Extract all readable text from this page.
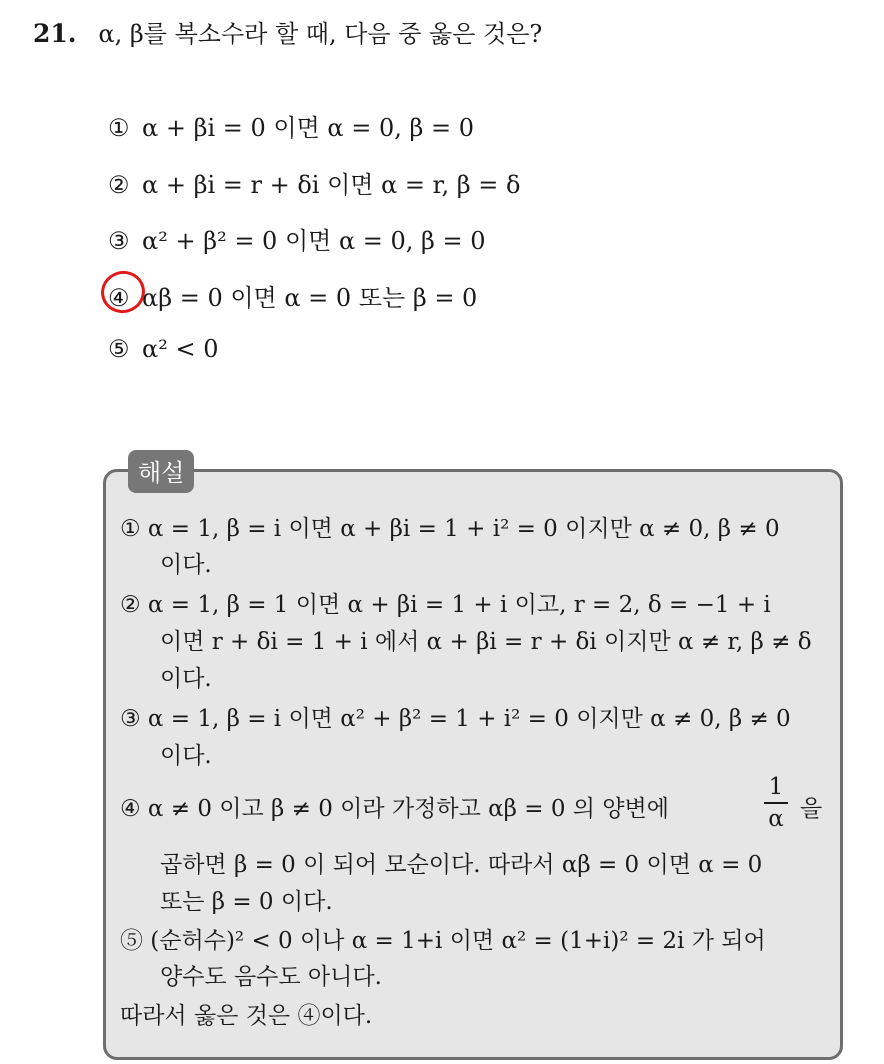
21. α, β를 복소수라 할 때, 다음 중 옳은 것은?
① α + βi = 0 이면 α = 0, β = 0
② α + βi = r + δi 이면 α = r, β = δ
③ α² + β² = 0 이면 α = 0, β = 0
④ αβ = 0 이면 α = 0 또는 β = 0
⑤ α² < 0
해설
① α = 1, β = i 이면 α + βi = 1 + i² = 0 이지만 α ≠ 0, β ≠ 0
이다.
② α = 1, β = 1 이면 α + βi = 1 + i 이고, r = 2, δ = −1 + i
이면 r + δi = 1 + i 에서 α + βi = r + δi 이지만 α ≠ r, β ≠ δ
이다.
③ α = 1, β = i 이면 α² + β² = 1 + i² = 0 이지만 α ≠ 0, β ≠ 0
이다.
④ α ≠ 0 이고 β ≠ 0 이라 가정하고 αβ = 0 의 양변에
1
α 을
곱하면 β = 0 이 되어 모순이다. 따라서 αβ = 0 이면 α = 0
또는 β = 0 이다.
⑤ (순허수)² < 0 이나 α = 1+i 이면 α² = (1+i)² = 2i 가 되어
양수도 음수도 아니다.
따라서 옳은 것은 ④이다.
